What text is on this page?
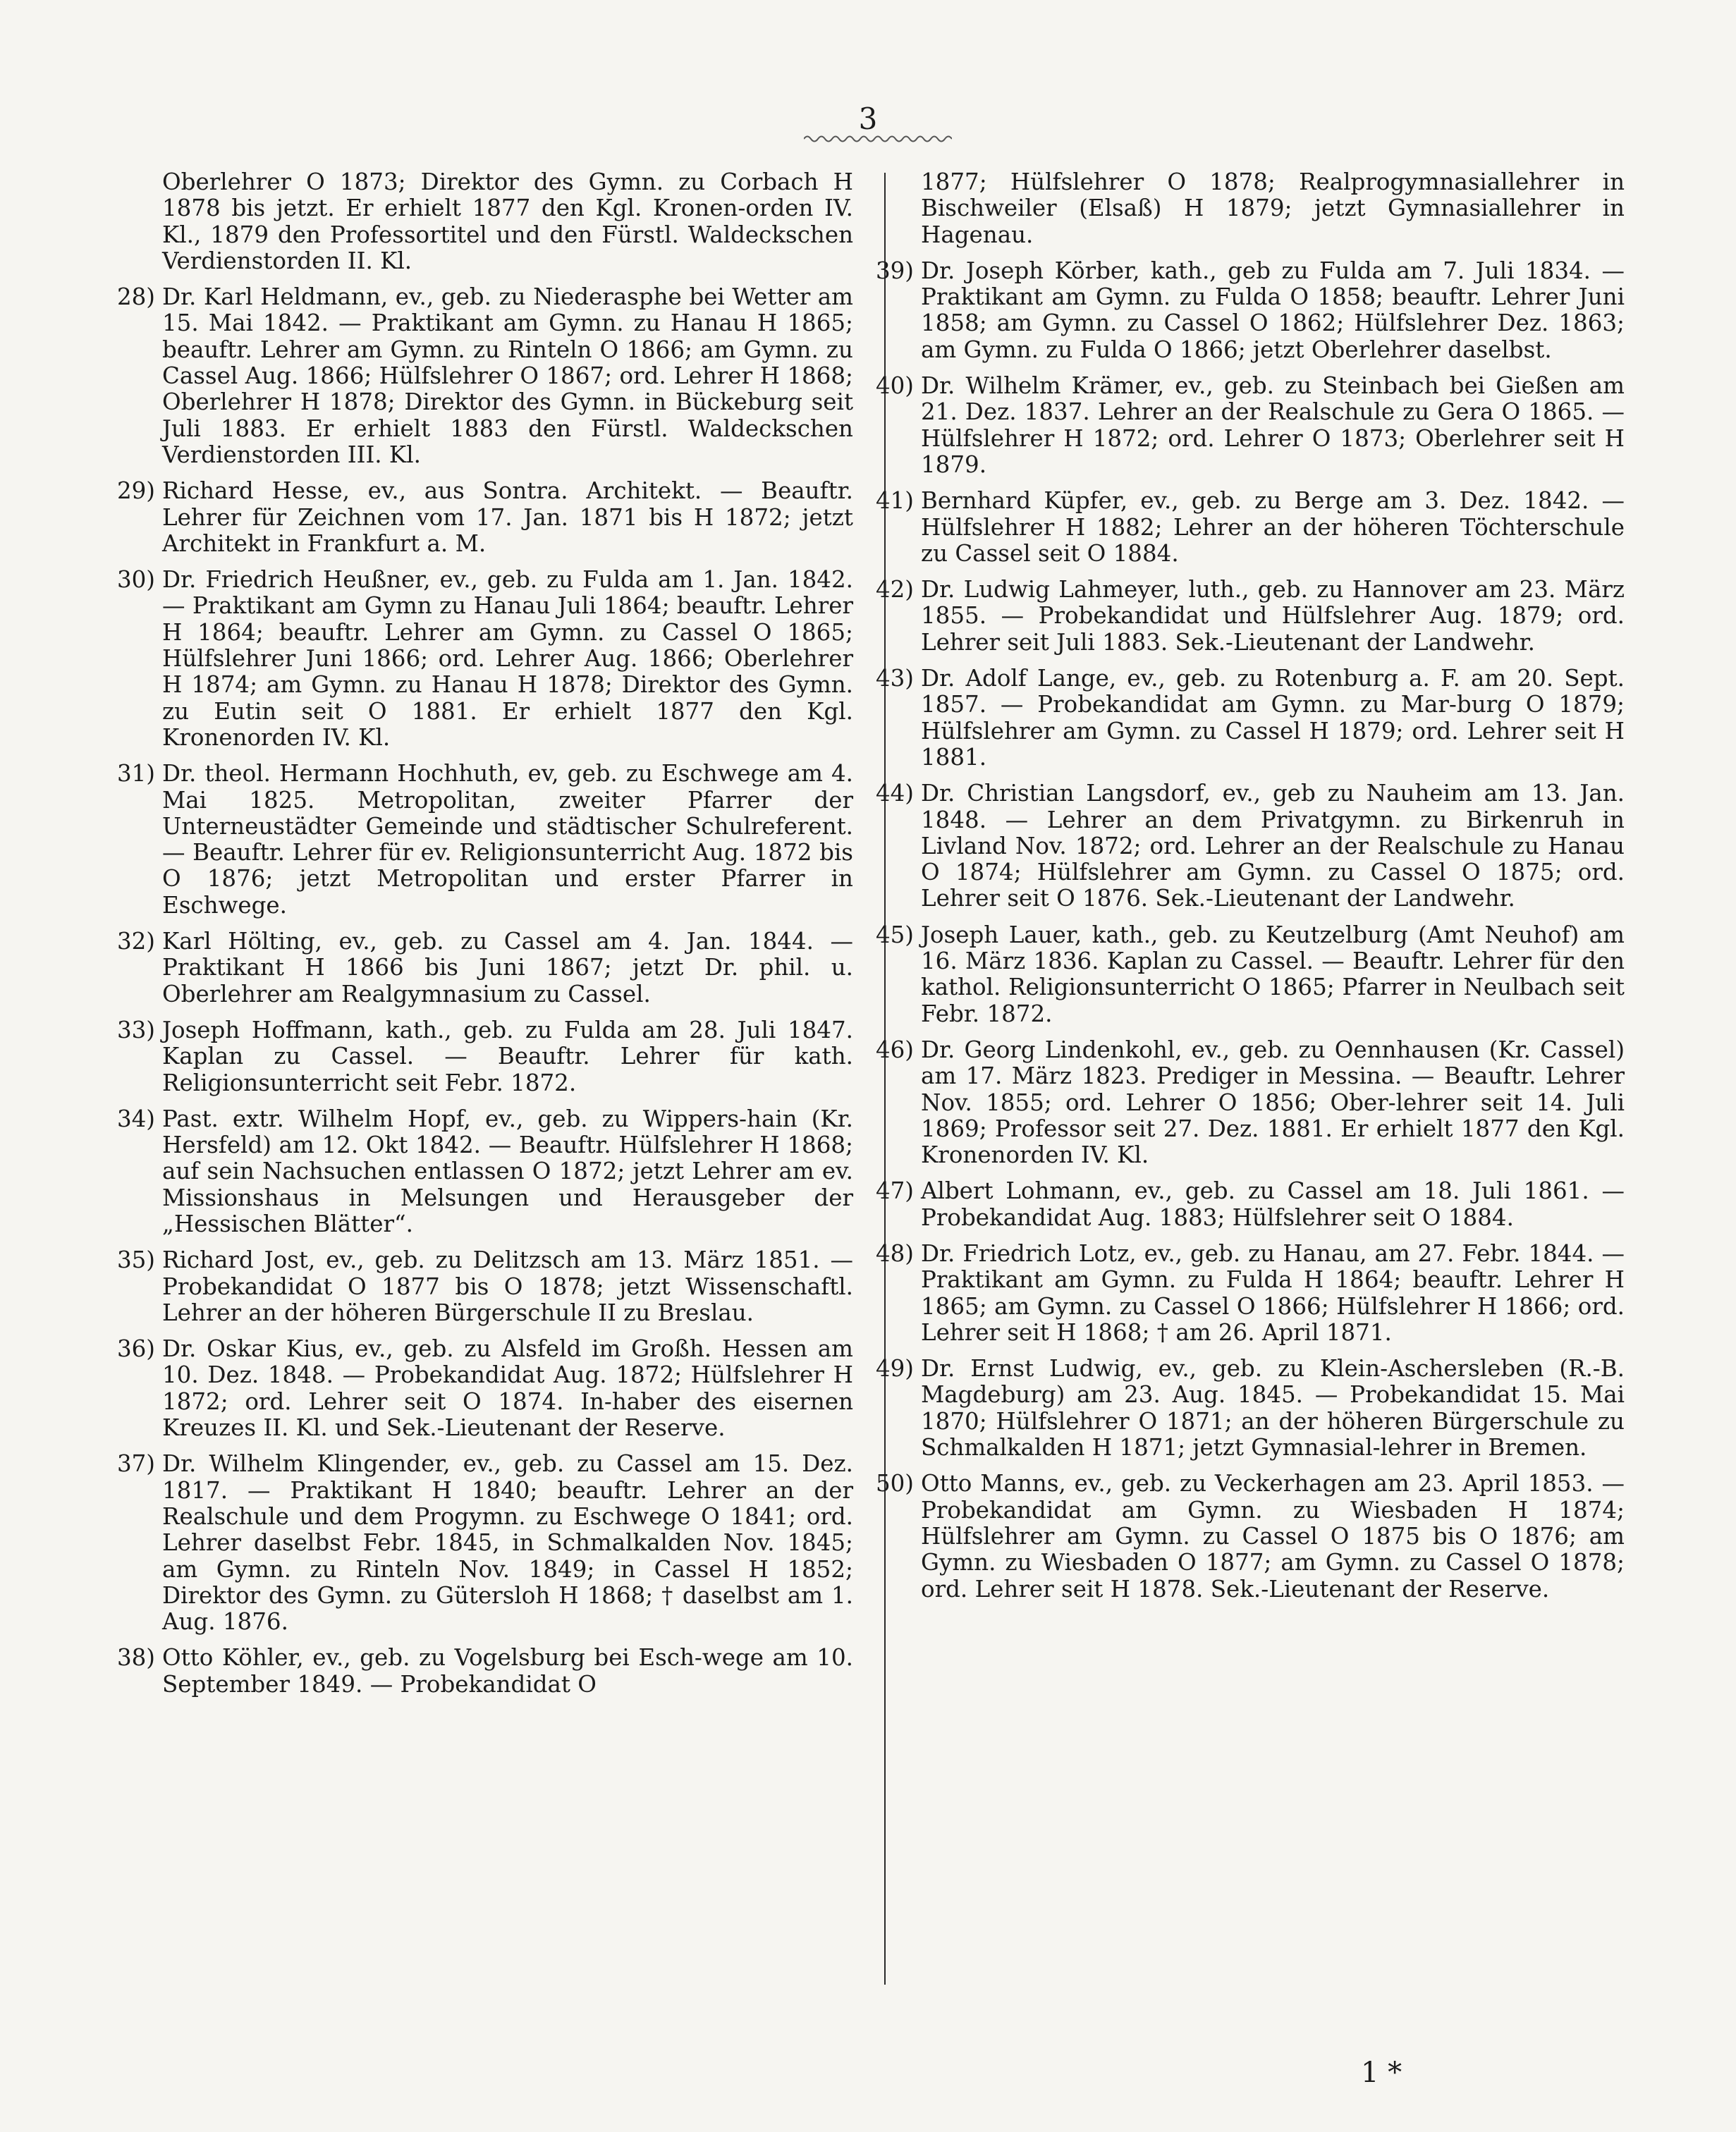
3
Oberlehrer O 1873; Direktor des Gymn. zu Corbach H 1878 bis jetzt. Er erhielt 1877 den Kgl. Kronen-orden IV. Kl., 1879 den Professortitel und den Fürstl. Waldeckschen Verdienstorden II. Kl.
28) Dr. Karl Heldmann, ev., geb. zu Niederasphe bei Wetter am 15. Mai 1842. — Praktikant am Gymn. zu Hanau H 1865; beauftr. Lehrer am Gymn. zu Rinteln O 1866; am Gymn. zu Cassel Aug. 1866; Hülfslehrer O 1867; ord. Lehrer H 1868; Oberlehrer H 1878; Direktor des Gymn. in Bückeburg seit Juli 1883. Er erhielt 1883 den Fürstl. Waldeckschen Verdienstorden III. Kl.
29) Richard Hesse, ev., aus Sontra. Architekt. — Beauftr. Lehrer für Zeichnen vom 17. Jan. 1871 bis H 1872; jetzt Architekt in Frankfurt a. M.
30) Dr. Friedrich Heußner, ev., geb. zu Fulda am 1. Jan. 1842. — Praktikant am Gymn zu Hanau Juli 1864; beauftr. Lehrer H 1864; beauftr. Lehrer am Gymn. zu Cassel O 1865; Hülfslehrer Juni 1866; ord. Lehrer Aug. 1866; Oberlehrer H 1874; am Gymn. zu Hanau H 1878; Direktor des Gymn. zu Eutin seit O 1881. Er erhielt 1877 den Kgl. Kronenorden IV. Kl.
31) Dr. theol. Hermann Hochhuth, ev, geb. zu Eschwege am 4. Mai 1825. Metropolitan, zweiter Pfarrer der Unterneustädter Gemeinde und städtischer Schulreferent. — Beauftr. Lehrer für ev. Religionsunterricht Aug. 1872 bis O 1876; jetzt Metropolitan und erster Pfarrer in Eschwege.
32) Karl Hölting, ev., geb. zu Cassel am 4. Jan. 1844. — Praktikant H 1866 bis Juni 1867; jetzt Dr. phil. u. Oberlehrer am Realgymnasium zu Cassel.
33) Joseph Hoffmann, kath., geb. zu Fulda am 28. Juli 1847. Kaplan zu Cassel. — Beauftr. Lehrer für kath. Religionsunterricht seit Febr. 1872.
34) Past. extr. Wilhelm Hopf, ev., geb. zu Wippers-hain (Kr. Hersfeld) am 12. Okt 1842. — Beauftr. Hülfslehrer H 1868; auf sein Nachsuchen entlassen O 1872; jetzt Lehrer am ev. Missionshaus in Melsungen und Herausgeber der „Hessischen Blätter“.
35) Richard Jost, ev., geb. zu Delitzsch am 13. März 1851. — Probekandidat O 1877 bis O 1878; jetzt Wissenschaftl. Lehrer an der höheren Bürgerschule II zu Breslau.
36) Dr. Oskar Kius, ev., geb. zu Alsfeld im Großh. Hessen am 10. Dez. 1848. — Probekandidat Aug. 1872; Hülfslehrer H 1872; ord. Lehrer seit O 1874. In-haber des eisernen Kreuzes II. Kl. und Sek.-Lieutenant der Reserve.
37) Dr. Wilhelm Klingender, ev., geb. zu Cassel am 15. Dez. 1817. — Praktikant H 1840; beauftr. Lehrer an der Realschule und dem Progymn. zu Eschwege O 1841; ord. Lehrer daselbst Febr. 1845, in Schmalkalden Nov. 1845; am Gymn. zu Rinteln Nov. 1849; in Cassel H 1852; Direktor des Gymn. zu Gütersloh H 1868; † daselbst am 1. Aug. 1876.
38) Otto Köhler, ev., geb. zu Vogelsburg bei Esch-wege am 10. September 1849. — Probekandidat O
1877; Hülfslehrer O 1878; Realprogymnasiallehrer in Bischweiler (Elsaß) H 1879; jetzt Gymnasiallehrer in Hagenau.
39) Dr. Joseph Körber, kath., geb zu Fulda am 7. Juli 1834. — Praktikant am Gymn. zu Fulda O 1858; beauftr. Lehrer Juni 1858; am Gymn. zu Cassel O 1862; Hülfslehrer Dez. 1863; am Gymn. zu Fulda O 1866; jetzt Oberlehrer daselbst.
40) Dr. Wilhelm Krämer, ev., geb. zu Steinbach bei Gießen am 21. Dez. 1837. Lehrer an der Realschule zu Gera O 1865. — Hülfslehrer H 1872; ord. Lehrer O 1873; Oberlehrer seit H 1879.
41) Bernhard Küpfer, ev., geb. zu Berge am 3. Dez. 1842. — Hülfslehrer H 1882; Lehrer an der höheren Töchterschule zu Cassel seit O 1884.
42) Dr. Ludwig Lahmeyer, luth., geb. zu Hannover am 23. März 1855. — Probekandidat und Hülfslehrer Aug. 1879; ord. Lehrer seit Juli 1883. Sek.-Lieutenant der Landwehr.
43) Dr. Adolf Lange, ev., geb. zu Rotenburg a. F. am 20. Sept. 1857. — Probekandidat am Gymn. zu Mar-burg O 1879; Hülfslehrer am Gymn. zu Cassel H 1879; ord. Lehrer seit H 1881.
44) Dr. Christian Langsdorf, ev., geb zu Nauheim am 13. Jan. 1848. — Lehrer an dem Privatgymn. zu Birkenruh in Livland Nov. 1872; ord. Lehrer an der Realschule zu Hanau O 1874; Hülfslehrer am Gymn. zu Cassel O 1875; ord. Lehrer seit O 1876. Sek.-Lieutenant der Landwehr.
45) Joseph Lauer, kath., geb. zu Keutzelburg (Amt Neuhof) am 16. März 1836. Kaplan zu Cassel. — Beauftr. Lehrer für den kathol. Religionsunterricht O 1865; Pfarrer in Neulbach seit Febr. 1872.
46) Dr. Georg Lindenkohl, ev., geb. zu Oennhausen (Kr. Cassel) am 17. März 1823. Prediger in Messina. — Beauftr. Lehrer Nov. 1855; ord. Lehrer O 1856; Ober-lehrer seit 14. Juli 1869; Professor seit 27. Dez. 1881. Er erhielt 1877 den Kgl. Kronenorden IV. Kl.
47) Albert Lohmann, ev., geb. zu Cassel am 18. Juli 1861. — Probekandidat Aug. 1883; Hülfslehrer seit O 1884.
48) Dr. Friedrich Lotz, ev., geb. zu Hanau, am 27. Febr. 1844. — Praktikant am Gymn. zu Fulda H 1864; beauftr. Lehrer H 1865; am Gymn. zu Cassel O 1866; Hülfslehrer H 1866; ord. Lehrer seit H 1868; † am 26. April 1871.
49) Dr. Ernst Ludwig, ev., geb. zu Klein-Aschersleben (R.-B. Magdeburg) am 23. Aug. 1845. — Probekandidat 15. Mai 1870; Hülfslehrer O 1871; an der höheren Bürgerschule zu Schmalkalden H 1871; jetzt Gymnasial-lehrer in Bremen.
50) Otto Manns, ev., geb. zu Veckerhagen am 23. April 1853. — Probekandidat am Gymn. zu Wiesbaden H 1874; Hülfslehrer am Gymn. zu Cassel O 1875 bis O 1876; am Gymn. zu Wiesbaden O 1877; am Gymn. zu Cassel O 1878; ord. Lehrer seit H 1878. Sek.-Lieutenant der Reserve.
1 *
